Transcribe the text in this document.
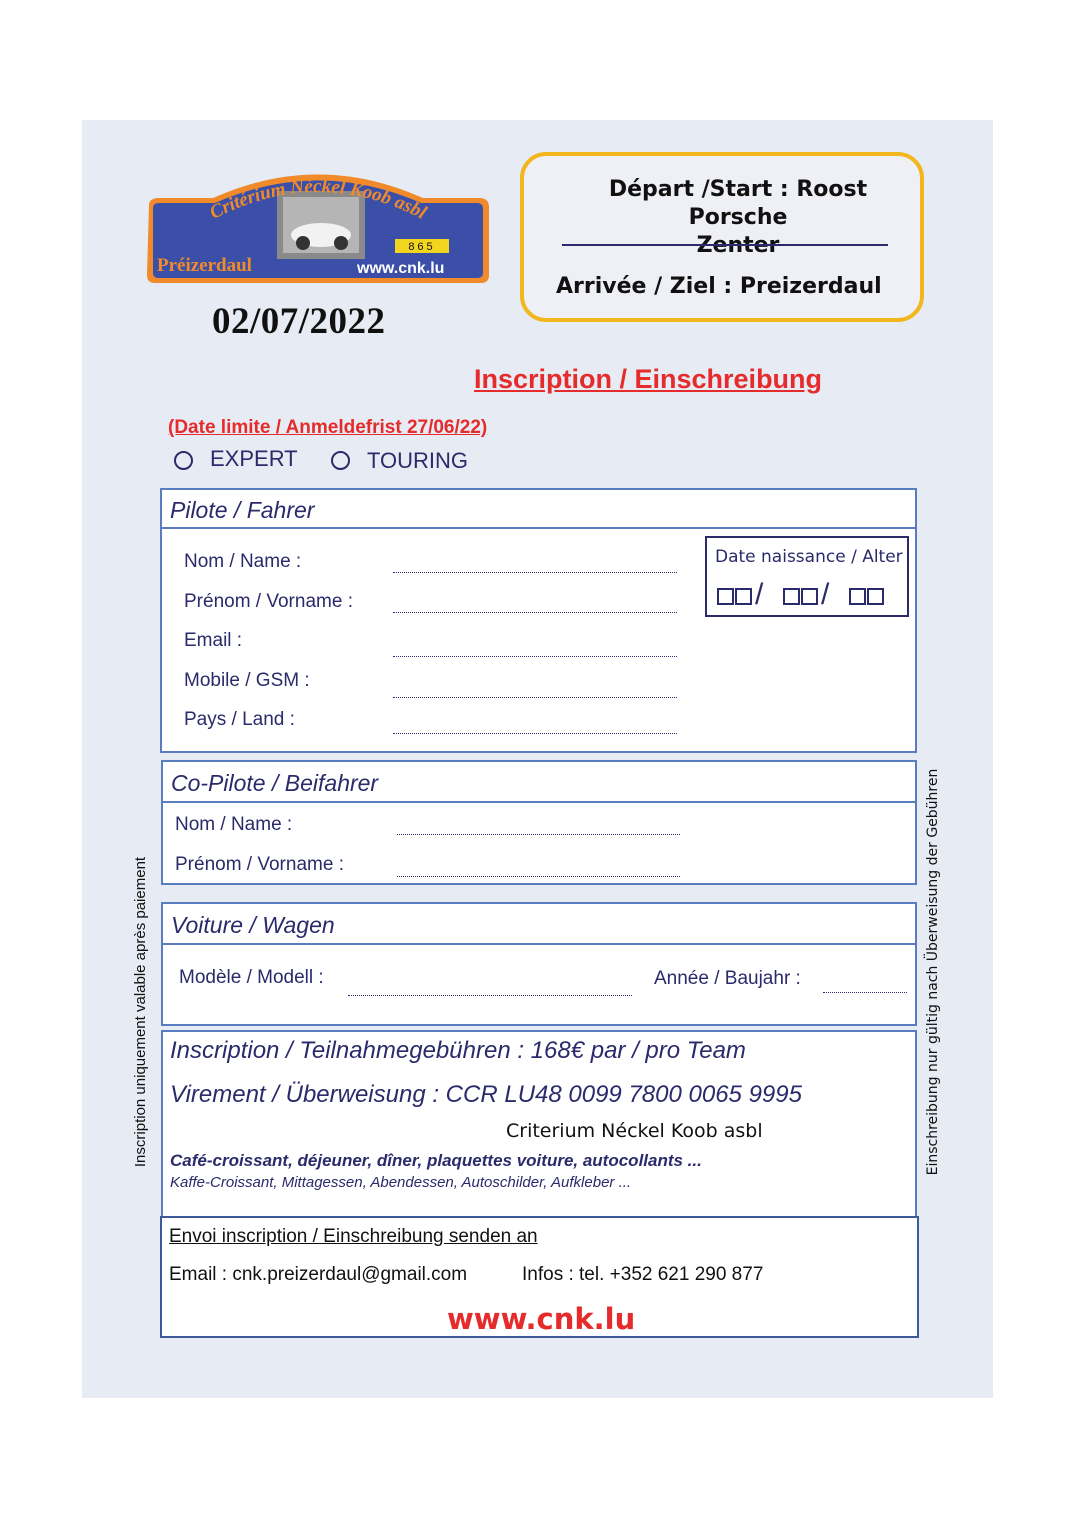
Critérium Néckel Koob asbl
865
Préizerdaul	www.cnk.lu
02/07/2022
Départ /Start : Roost Porsche
Zenter
Arrivée / Ziel : Preizerdaul
Inscription / Einschreibung
(Date limite / Anmeldefrist 27/06/22)
EXPERT	TOURING
Pilote / Fahrer
Nom / Name :
Prénom / Vorname :
Email :
Mobile / GSM :
Pays / Land :
Date naissance / Alter
/ /
Co-Pilote / Beifahrer
Nom / Name :
Prénom / Vorname :
Voiture / Wagen
Modèle / Modell :	Année / Baujahr :
Inscription / Teilnahmegebühren : 168€ par / pro Team
Virement / Überweisung : CCR LU48 0099 7800 0065 9995
Criterium Néckel Koob asbl
Café-croissant, déjeuner, dîner, plaquettes voiture, autocollants ...
Kaffe-Croissant, Mittagessen, Abendessen, Autoschilder, Aufkleber ...
Envoi inscription / Einschreibung senden an
Email : cnk.preizerdaul@gmail.com	Infos : tel. +352 621 290 877
www.cnk.lu
Inscription uniquement valable après paiement	Einschreibung nur gültig nach Überweisung der Gebühren
